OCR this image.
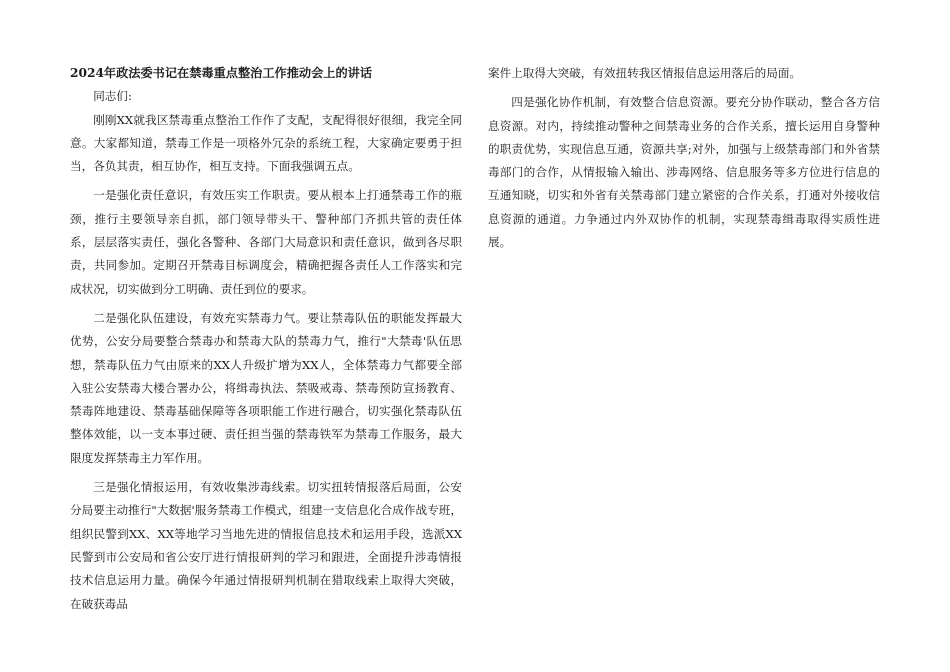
2024年政法委书记在禁毒重点整治工作推动会上的讲话

同志们:

刚刚XX就我区禁毒重点整治工作作了支配，支配得很好很细，我完全同意。大家都知道，禁毒工作是一项格外冗杂的系统工程，大家确定要勇于担当，各负其责，相互协作，相互支持。下面我强调五点。

一是强化责任意识，有效压实工作职责。要从根本上打通禁毒工作的瓶颈，推行主要领导亲自抓，部门领导带头干、警种部门齐抓共管的责任体系，层层落实责任，强化各警种、各部门大局意识和责任意识，做到各尽职责，共同参加。定期召开禁毒目标调度会，精确把握各责任人工作落实和完成状况，切实做到分工明确、责任到位的要求。

二是强化队伍建设，有效充实禁毒力气。要让禁毒队伍的职能发挥最大优势，公安分局要整合禁毒办和禁毒大队的禁毒力气，推行"大禁毒'队伍思想，禁毒队伍力气由原来的XX人升级扩增为XX人，全体禁毒力气都要全部入驻公安禁毒大楼合署办公，将缉毒执法、禁吸戒毒、禁毒预防宣扬教育、禁毒阵地建设、禁毒基础保障等各项职能工作进行融合，切实强化禁毒队伍整体效能，以一支本事过硬、责任担当强的禁毒铁军为禁毒工作服务，最大限度发挥禁毒主力军作用。

三是强化情报运用，有效收集涉毒线索。切实扭转情报落后局面，公安分局要主动推行"大数据'服务禁毒工作模式，组建一支信息化合成作战专班，组织民警到XX、XX等地学习当地先进的情报信息技术和运用手段，选派XX民警到市公安局和省公安厅进行情报研判的学习和跟进，全面提升涉毒情报技术信息运用力量。确保今年通过情报研判机制在猎取线索上取得大突破，在破获毒品

案件上取得大突破，有效扭转我区情报信息运用落后的局面。

四是强化协作机制，有效整合信息资源。要充分协作联动，整合各方信息资源。对内，持续推动警种之间禁毒业务的合作关系，擅长运用自身警种的职责优势，实现信息互通，资源共享;对外，加强与上级禁毒部门和外省禁毒部门的合作，从情报输入输出、涉毒网络、信息服务等多方位进行信息的互通知晓，切实和外省有关禁毒部门建立紧密的合作关系，打通对外接收信息资源的通道。力争通过内外双协作的机制，实现禁毒缉毒取得实质性进展。
